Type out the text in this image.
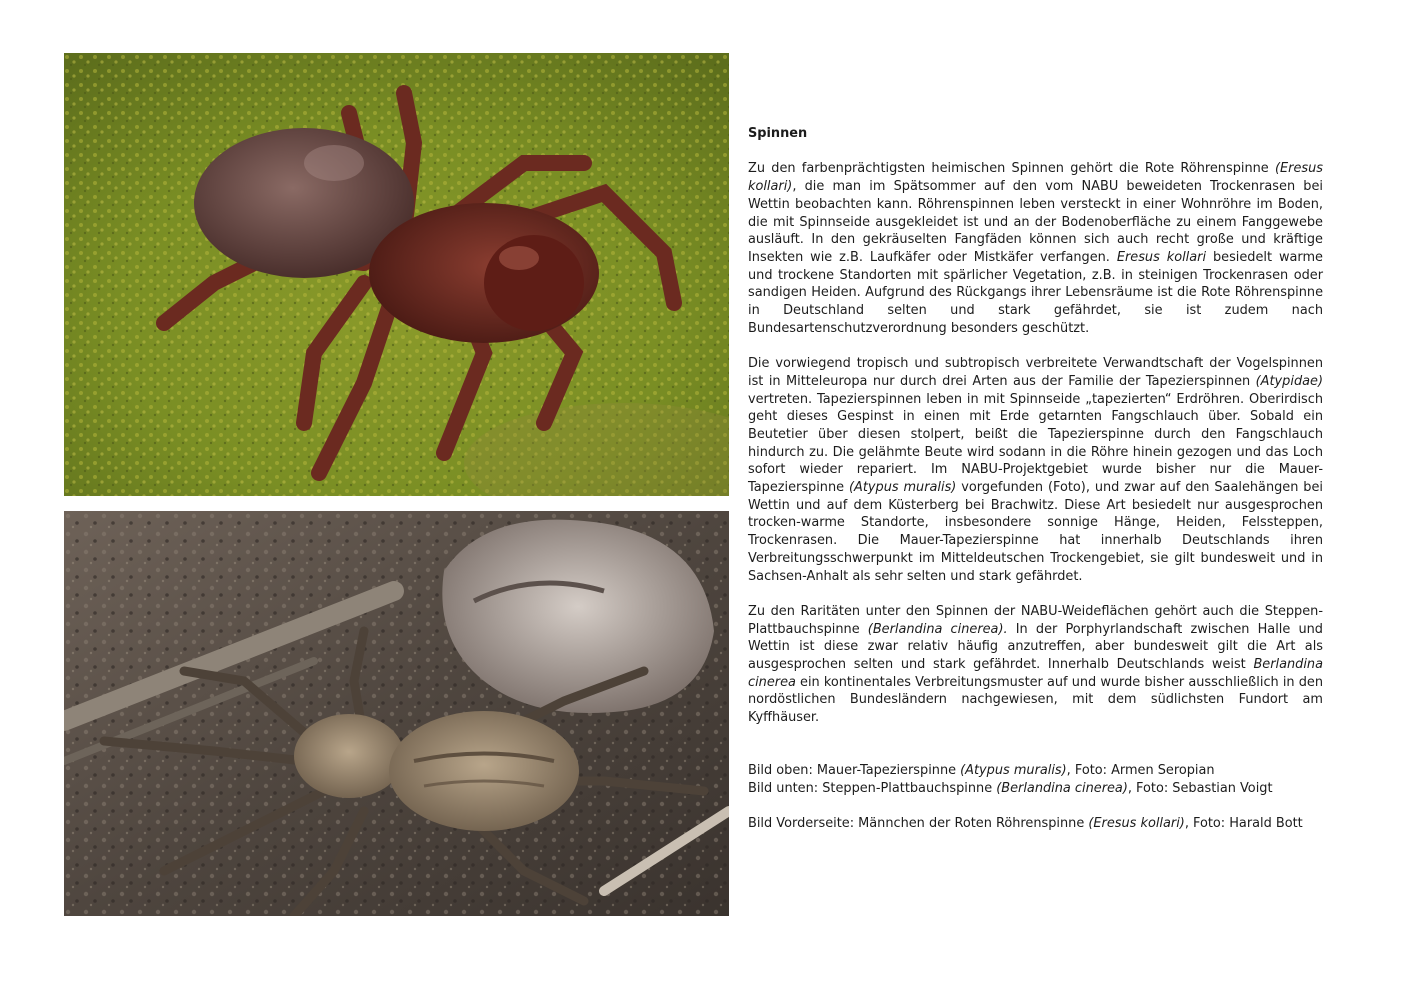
Spinnen

Zu den farbenprächtigsten heimischen Spinnen gehört die Rote Röhrenspinne (Eresus kollari), die man im Spätsommer auf den vom NABU beweideten Trockenrasen bei Wettin beobachten kann. Röhrenspinnen leben versteckt in einer Wohnröhre im Boden, die mit Spinnseide ausgekleidet ist und an der Bodenoberfläche zu einem Fanggewebe ausläuft. In den gekräuselten Fangfäden können sich auch recht große und kräftige Insekten wie z.B. Laufkäfer oder Mistkäfer verfangen. Eresus kollari besiedelt warme und trockene Standorten mit spärlicher Vegetation, z.B. in steinigen Trockenrasen oder sandigen Heiden. Aufgrund des Rückgangs ihrer Lebensräume ist die Rote Röhrenspinne in Deutschland selten und stark gefährdet, sie ist zudem nach Bundesartenschutzverordnung besonders geschützt.

Die vorwiegend tropisch und subtropisch verbreitete Verwandtschaft der Vogelspinnen ist in Mitteleuropa nur durch drei Arten aus der Familie der Tapezierspinnen (Atypidae) vertreten. Tapezierspinnen leben in mit Spinnseide „tapezierten“ Erdröhren. Oberirdisch geht dieses Gespinst in einen mit Erde getarnten Fangschlauch über. Sobald ein Beutetier über diesen stolpert, beißt die Tapezierspinne durch den Fangschlauch hindurch zu. Die gelähmte Beute wird sodann in die Röhre hinein gezogen und das Loch sofort wieder repariert. Im NABU-Projektgebiet wurde bisher nur die Mauer-Tapezierspinne (Atypus muralis) vorgefunden (Foto), und zwar auf den Saalehängen bei Wettin und auf dem Küsterberg bei Brachwitz. Diese Art besiedelt nur ausgesprochen trocken-warme Standorte, insbesondere sonnige Hänge, Heiden, Felssteppen, Trockenrasen. Die Mauer-Tapezierspinne hat innerhalb Deutschlands ihren Verbreitungsschwerpunkt im Mitteldeutschen Trockengebiet, sie gilt bundesweit und in Sachsen-Anhalt als sehr selten und stark gefährdet.

Zu den Raritäten unter den Spinnen der NABU-Weideflächen gehört auch die Steppen-Plattbauchspinne (Berlandina cinerea). In der Porphyrlandschaft zwischen Halle und Wettin ist diese zwar relativ häufig anzutreffen, aber bundesweit gilt die Art als ausgesprochen selten und stark gefährdet. Innerhalb Deutschlands weist Berlandina cinerea ein kontinentales Verbreitungsmuster auf und wurde bisher ausschließlich in den nordöstlichen Bundesländern nachgewiesen, mit dem südlichsten Fundort am Kyffhäuser.

Bild oben: Mauer-Tapezierspinne (Atypus muralis), Foto: Armen Seropian

Bild unten: Steppen-Plattbauchspinne (Berlandina cinerea), Foto: Sebastian Voigt

Bild Vorderseite: Männchen der Roten Röhrenspinne (Eresus kollari), Foto: Harald Bott
